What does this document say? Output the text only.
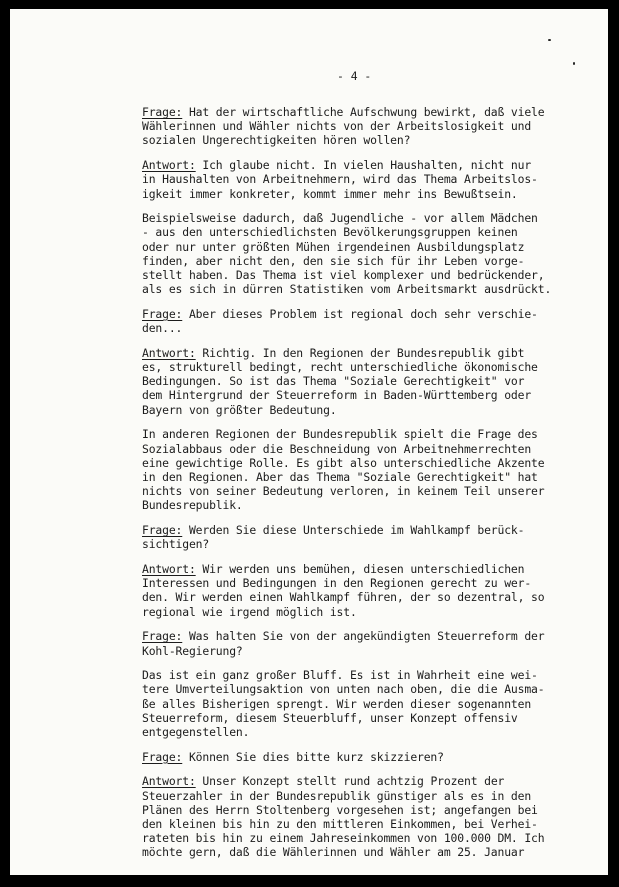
- 4 -

Frage: Hat der wirtschaftliche Aufschwung bewirkt, daß viele
Wählerinnen und Wähler nichts von der Arbeitslosigkeit und
sozialen Ungerechtigkeiten hören wollen?

Antwort: Ich glaube nicht. In vielen Haushalten, nicht nur
in Haushalten von Arbeitnehmern, wird das Thema Arbeitslos-
igkeit immer konkreter, kommt immer mehr ins Bewußtsein.

Beispielsweise dadurch, daß Jugendliche - vor allem Mädchen
- aus den unterschiedlichsten Bevölkerungsgruppen keinen
oder nur unter größten Mühen irgendeinen Ausbildungsplatz
finden, aber nicht den, den sie sich für ihr Leben vorge-
stellt haben. Das Thema ist viel komplexer und bedrückender,
als es sich in dürren Statistiken vom Arbeitsmarkt ausdrückt.

Frage: Aber dieses Problem ist regional doch sehr verschie-
den...

Antwort: Richtig. In den Regionen der Bundesrepublik gibt
es, strukturell bedingt, recht unterschiedliche ökonomische
Bedingungen. So ist das Thema "Soziale Gerechtigkeit" vor
dem Hintergrund der Steuerreform in Baden-Württemberg oder
Bayern von größter Bedeutung.

In anderen Regionen der Bundesrepublik spielt die Frage des
Sozialabbaus oder die Beschneidung von Arbeitnehmerrechten
eine gewichtige Rolle. Es gibt also unterschiedliche Akzente
in den Regionen. Aber das Thema "Soziale Gerechtigkeit" hat
nichts von seiner Bedeutung verloren, in keinem Teil unserer
Bundesrepublik.

Frage: Werden Sie diese Unterschiede im Wahlkampf berück-
sichtigen?

Antwort: Wir werden uns bemühen, diesen unterschiedlichen
Interessen und Bedingungen in den Regionen gerecht zu wer-
den. Wir werden einen Wahlkampf führen, der so dezentral, so
regional wie irgend möglich ist.

Frage: Was halten Sie von der angekündigten Steuerreform der
Kohl-Regierung?

Das ist ein ganz großer Bluff. Es ist in Wahrheit eine wei-
tere Umverteilungsaktion von unten nach oben, die die Ausma-
ße alles Bisherigen sprengt. Wir werden dieser sogenannten
Steuerreform, diesem Steuerbluff, unser Konzept offensiv
entgegenstellen.

Frage: Können Sie dies bitte kurz skizzieren?

Antwort: Unser Konzept stellt rund achtzig Prozent der
Steuerzahler in der Bundesrepublik günstiger als es in den
Plänen des Herrn Stoltenberg vorgesehen ist; angefangen bei
den kleinen bis hin zu den mittleren Einkommen, bei Verhei-
rateten bis hin zu einem Jahreseinkommen von 100.000 DM. Ich
möchte gern, daß die Wählerinnen und Wähler am 25. Januar
